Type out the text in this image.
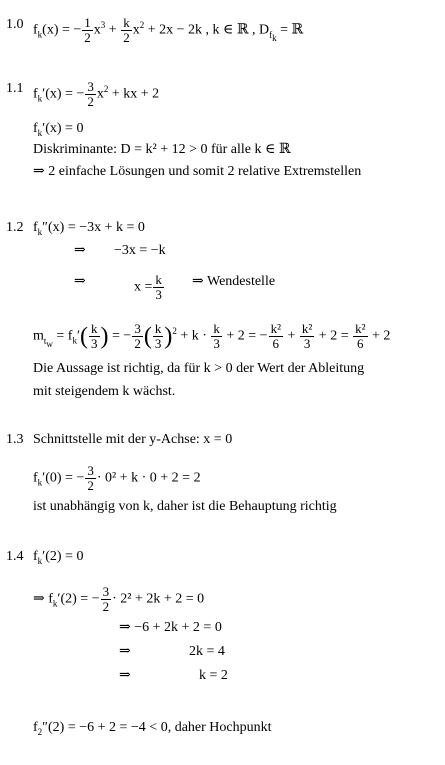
1.0 $f_k(x)$ = − $\frac{1}{2} x^3 + \frac{k}{2} x^2 + 2x - 2k$ , k ∈ ℝ , $D_{f_k}$ = ℝ
1.1 $f_k'(x)$ = − $\frac{3}{2} x^2$ + kx + 2
$f_k'(x) = 0$
Diskriminante: D = k² + 12 > 0 für alle k ∈ ℝ
⇒ 2 einfache Lösungen und somit 2 relative Extremstellen
1.2 $f_k''(x) = -3x + k = 0$
⇒ −3x = −k
⇒	$x = \frac{k}{3}$ ⇒ Wendestelle
$m_{t_w} = f_k'( \frac{k}{3}$ ) = − $\frac{3}{2}$ ( $\frac{k}{3} )^2 + k \cdot \frac{k}{3} + 2$ = − $\frac{\text{k²}}{6} + \frac{\text{k²}}{3} + 2 = \frac{\text{k²}}{6} + 2$
Die Aussage ist richtig, da für k > 0 der Wert der Ableitung
mit steigendem k wächst.
1.3 Schnittstelle mit der y-Achse: x = 0
$f_k'(0)$ = − $\frac{3}{2} \cdot 0^2 + k \cdot 0 + 2 = 2$
ist unabhängig von k, daher ist die Behauptung richtig
1.4 $f_k'(2) = 0$
⇒ $f_k'(2)$ = − $\frac{3}{2} \cdot 2^2 + 2k + 2 = 0$
⇒ −6 + 2k + 2 = 0
⇒	2k = 4
⇒	k = 2
$f_2''(2) = -6 + 2 = -4 < 0$, daher Hochpunkt
